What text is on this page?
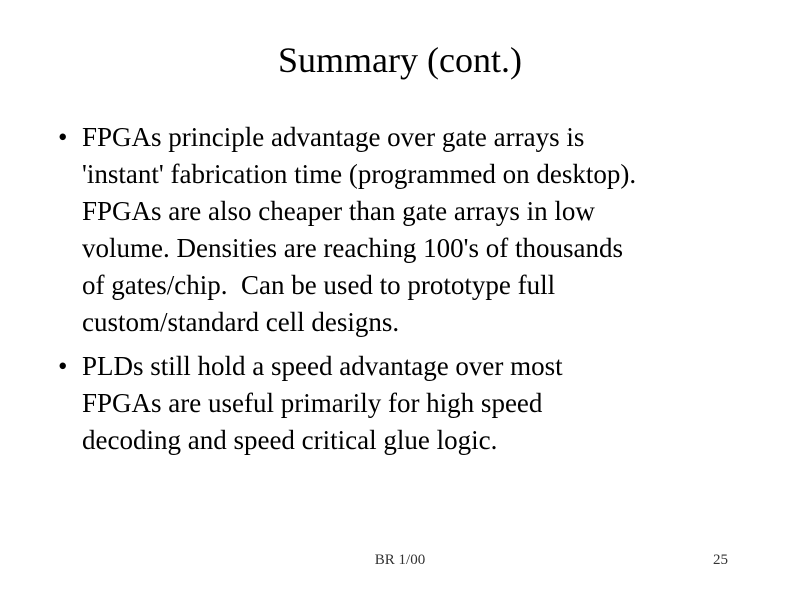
Summary (cont.)
• FPGAs principle advantage over gate arrays is
'instant' fabrication time (programmed on desktop).
FPGAs are also cheaper than gate arrays in low
volume. Densities are reaching 100's of thousands
of gates/chip.  Can be used to prototype full
custom/standard cell designs.
• PLDs still hold a speed advantage over most
FPGAs are useful primarily for high speed
decoding and speed critical glue logic.
BR 1/00	25
